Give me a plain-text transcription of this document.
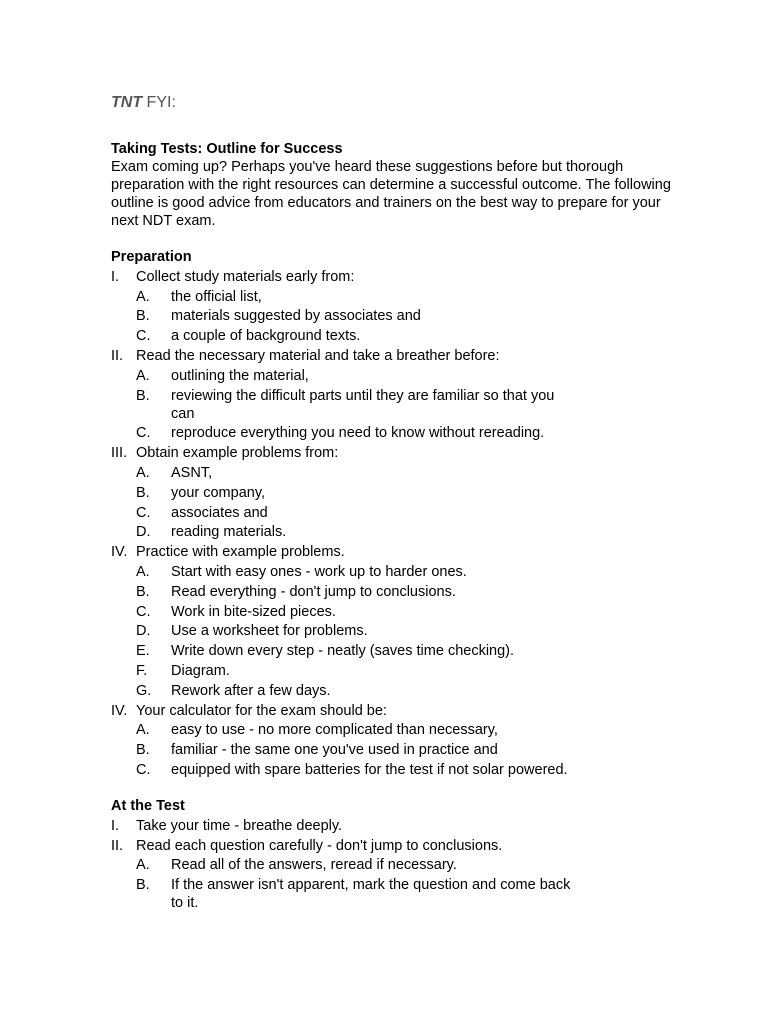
TNT FYI:
Taking Tests: Outline for Success
Exam coming up? Perhaps you've heard these suggestions before but thorough preparation with the right resources can determine a successful outcome. The following outline is good advice from educators and trainers on the best way to prepare for your next NDT exam.
Preparation
I. Collect study materials early from:
A. the official list,
B. materials suggested by associates and
C. a couple of background texts.
II. Read the necessary material and take a breather before:
A. outlining the material,
B. reviewing the difficult parts until they are familiar so that you can
C. reproduce everything you need to know without rereading.
III. Obtain example problems from:
A. ASNT,
B. your company,
C. associates and
D. reading materials.
IV. Practice with example problems.
A. Start with easy ones - work up to harder ones.
B. Read everything - don't jump to conclusions.
C. Work in bite-sized pieces.
D. Use a worksheet for problems.
E. Write down every step - neatly (saves time checking).
F. Diagram.
G. Rework after a few days.
IV. Your calculator for the exam should be:
A. easy to use - no more complicated than necessary,
B. familiar - the same one you've used in practice and
C. equipped with spare batteries for the test if not solar powered.
At the Test
I. Take your time - breathe deeply.
II. Read each question carefully - don't jump to conclusions.
A. Read all of the answers, reread if necessary.
B. If the answer isn't apparent, mark the question and come back to it.
